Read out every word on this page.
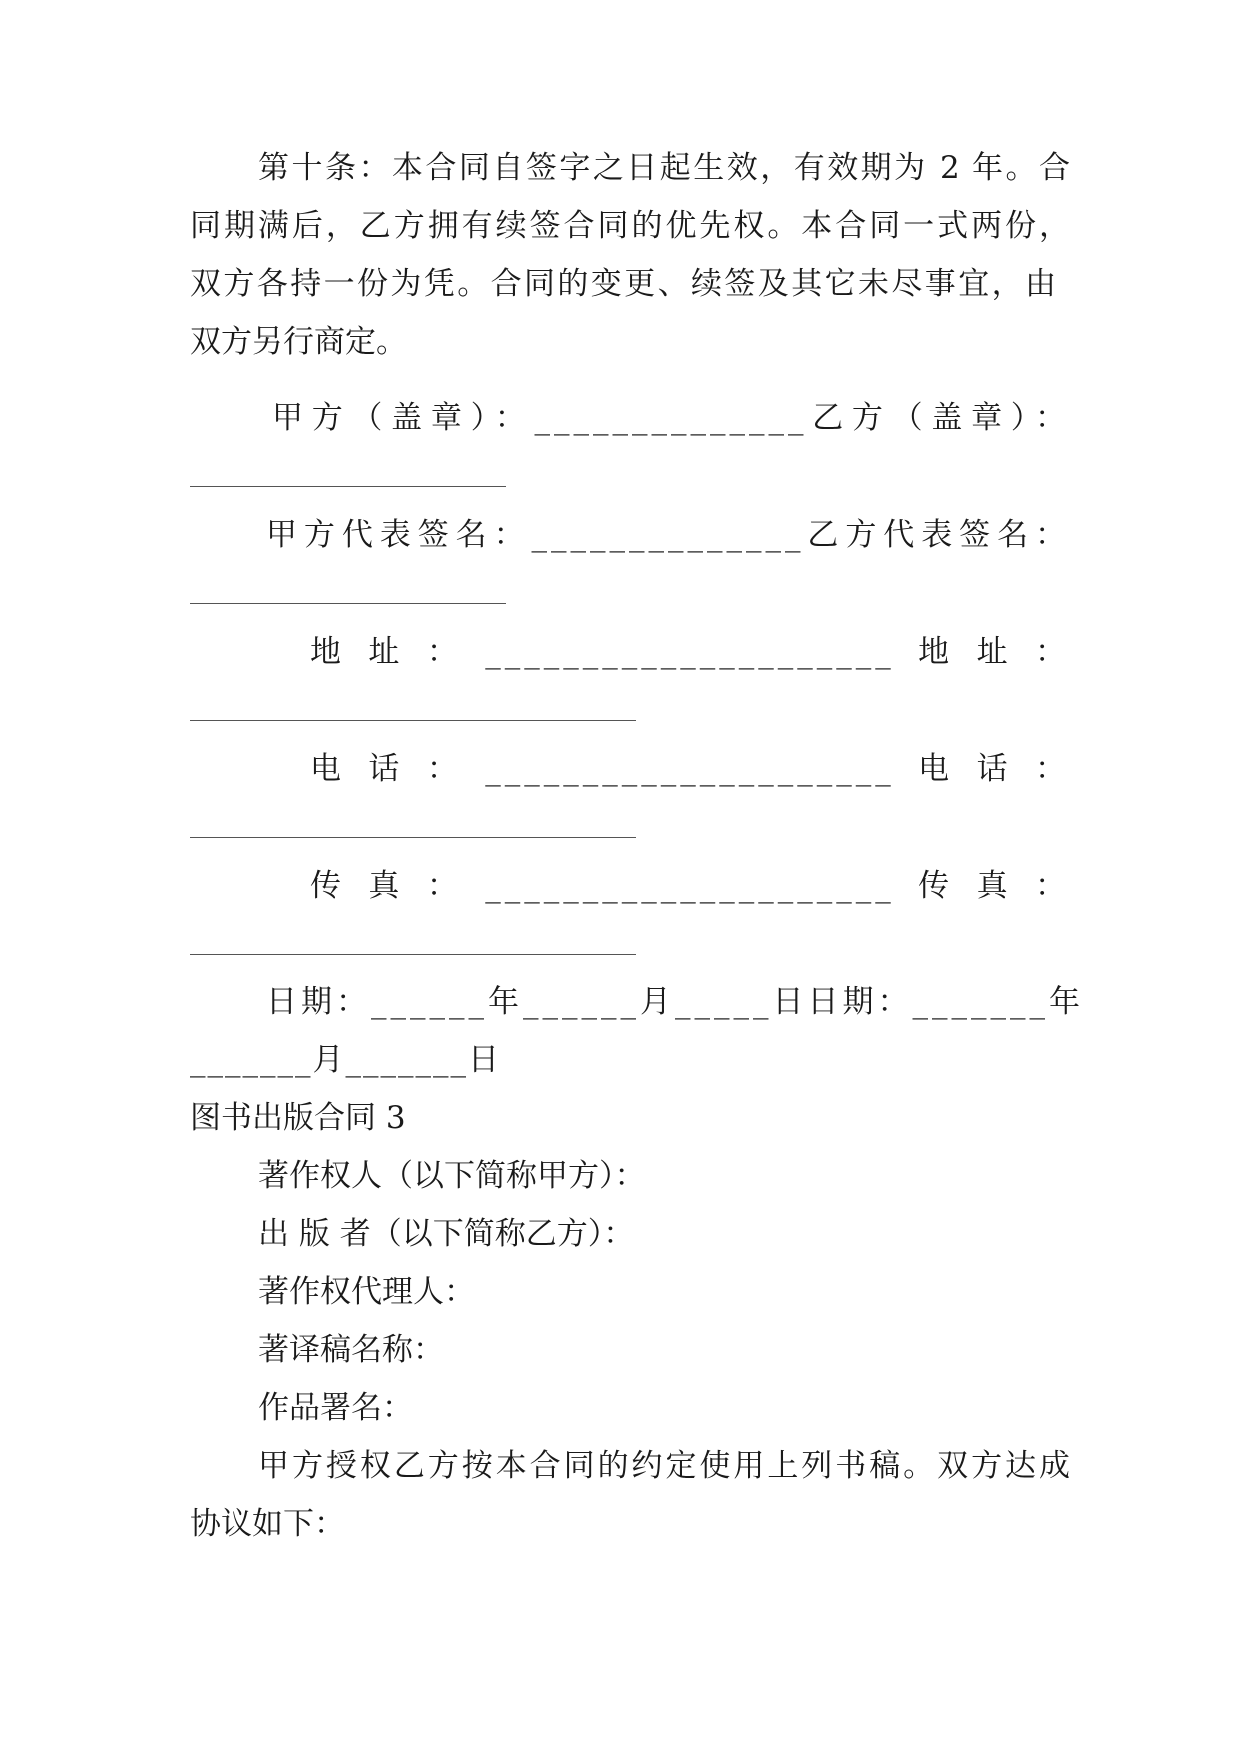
第十条：本合同自签字之日起生效，有效期为 2 年。合

同期满后，乙方拥有续签合同的优先权。本合同一式两份，

双方各持一份为凭。合同的变更、续签及其它未尽事宜，由

双方另行商定。

甲方（盖章）：______________乙方（盖章）：

甲方代表签名：______________乙方代表签名：

地址：_____________________地址：

电话：_____________________电话：

传真：_____________________传真：

日期：______年______月_____日日期：_______年

_______月_______日

图书出版合同 3

著作权人（以下简称甲方）：

出 版 者（以下简称乙方）：

著作权代理人：

著译稿名称：

作品署名：

甲方授权乙方按本合同的约定使用上列书稿。双方达成

协议如下：
